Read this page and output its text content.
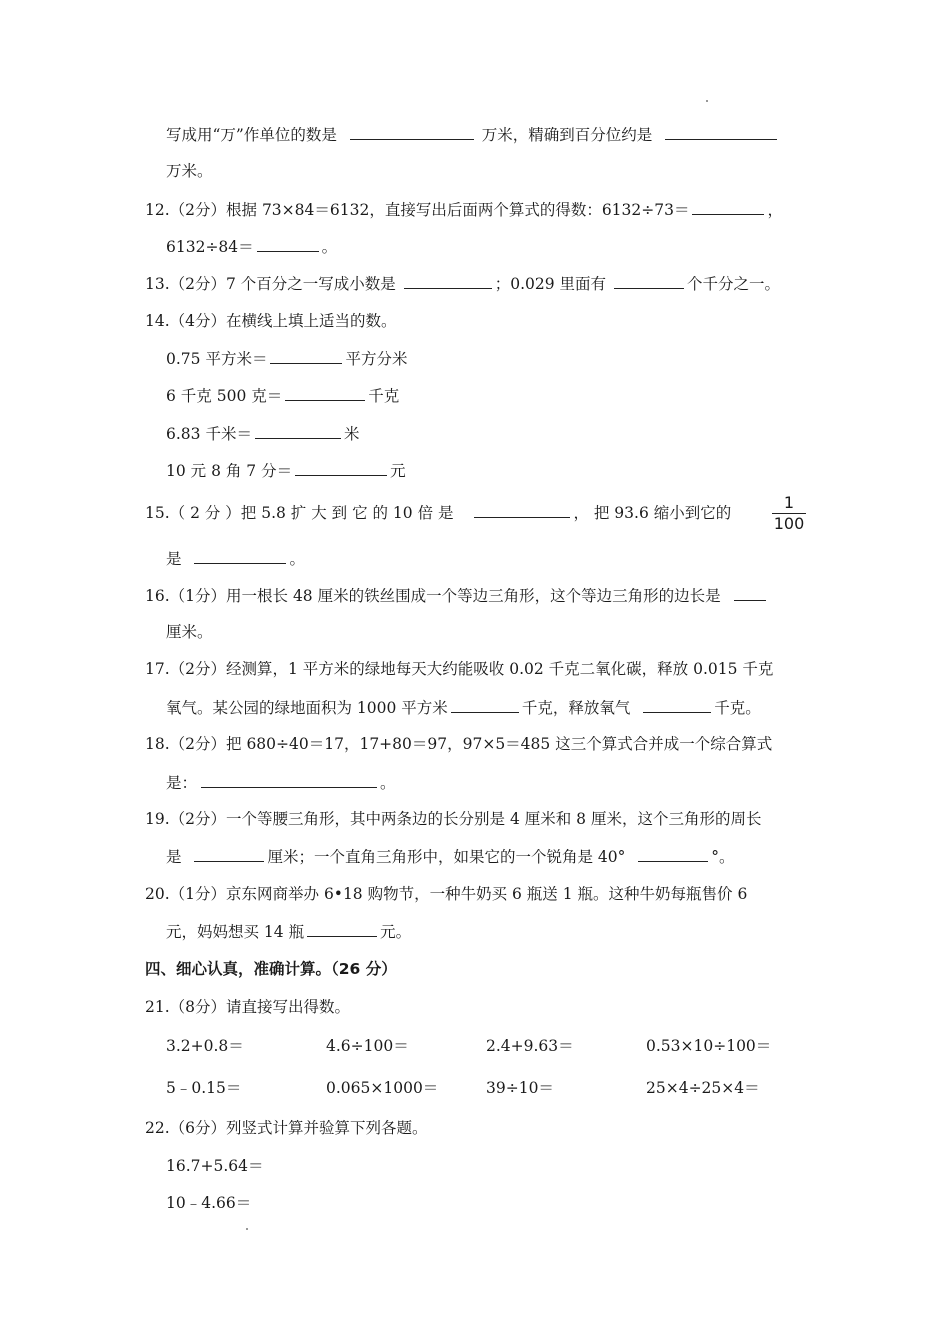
写成用“万”作单位的数是	万米，精确到百分位约是
万米。
12.（2分）根据 73×84＝6132，直接写出后面两个算式的得数：6132÷73＝	，
6132÷84＝	。
13.（2分）7 个百分之一写成小数是	；0.029 里面有	个千分之一。
14.（4分）在横线上填上适当的数。
0.75 平方米＝	平方分米
6 千克 500 克＝	千克
6.83 千米＝	米
10 元 8 角 7 分＝	元
15.（ 2 分 ）把 5.8 扩 大 到 它 的 10 倍 是	， 把 93.6 缩小到它的
1
100
是	。
16.（1分）用一根长 48 厘米的铁丝围成一个等边三角形，这个等边三角形的边长是
厘米。
17.（2分）经测算，1 平方米的绿地每天大约能吸收 0.02 千克二氧化碳，释放 0.015 千克
氧气。某公园的绿地面积为 1000 平方米	千克，释放氧气	千克。
18.（2分）把 680÷40＝17，17+80＝97，97×5＝485 这三个算式合并成一个综合算式
是：	。
19.（2分）一个等腰三角形，其中两条边的长分别是 4 厘米和 8 厘米，这个三角形的周长
是	厘米；一个直角三角形中，如果它的一个锐角是 40°	°。
20.（1分）京东网商举办 6•18 购物节，一种牛奶买 6 瓶送 1 瓶。这种牛奶每瓶售价 6
元，妈妈想买 14 瓶	元。
四、细心认真，准确计算。（26 分）
21.（8分）请直接写出得数。
3.2+0.8＝	4.6÷100＝	2.4+9.63＝	0.53×10÷100＝
5﹣0.15＝	0.065×1000＝	39÷10＝	25×4÷25×4＝
22.（6分）列竖式计算并验算下列各题。
16.7+5.64＝
10﹣4.66＝
